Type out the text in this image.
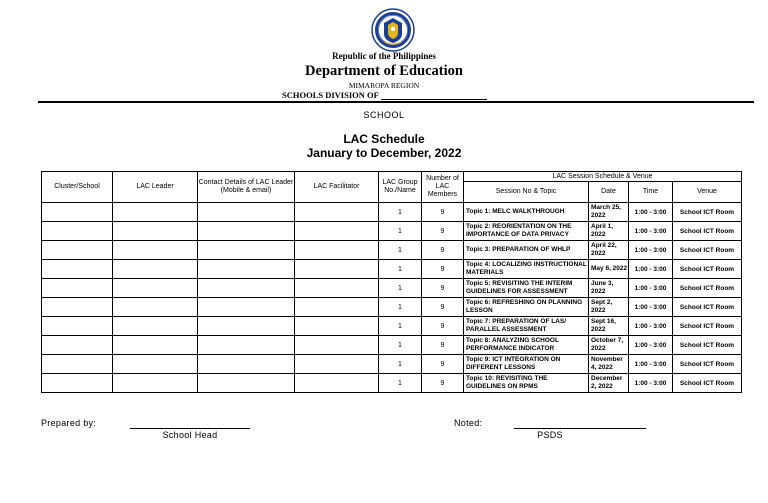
Republic of the Philippines
Department of Education
MIMAROPA REGION
SCHOOLS DIVISION OF
SCHOOL
LAC Schedule
January to December, 2022
Cluster/School	LAC Leader	Contact Details of LAC Leader (Mobile & email)	LAC Facilitator	LAC Group No./Name	Number of LAC Members	LAC Session Schedule & Venue			
						Session No & Topic	Date	Time	Venue
				1	9	Topic 1: MELC WALKTHROUGH	March 25, 2022	1:00 - 3:00	School ICT Room
				1	9	Topic 2: REORIENTATION ON THE IMPORTANCE OF DATA PRIVACY	April 1, 2022	1:00 - 3:00	School ICT Room
				1	9	Topic 3: PREPARATION OF WHLP	April 22, 2022	1:00 - 3:00	School ICT Room
				1	9	Topic 4: LOCALIZING INSTRUCTIONAL MATERIALS	May 6, 2022	1:00 - 3:00	School ICT Room
				1	9	Topic 5: REVISITING THE INTERIM GUIDELINES FOR ASSESSMENT	June 3, 2022	1:00 - 3:00	School ICT Room
				1	9	Topic 6: REFRESHING ON PLANNING LESSON	Sept 2, 2022	1:00 - 3:00	School ICT Room
				1	9	Topic 7: PREPARATION OF LAS/ PARALLEL ASSESSMENT	Sept 16, 2022	1:00 - 3:00	School ICT Room
				1	9	Topic 8: ANALYZING SCHOOL PERFORMANCE INDICATOR	October 7, 2022	1:00 - 3:00	School ICT Room
				1	9	Topic 9: ICT INTEGRATION ON DIFFERENT LESSONS	November 4, 2022	1:00 - 3:00	School ICT Room
				1	9	Topic 10: REVISITING THE GUIDELINES ON RPMS	December 2, 2022	1:00 - 3:00	School ICT Room
Prepared by:
School Head
Noted:
PSDS
